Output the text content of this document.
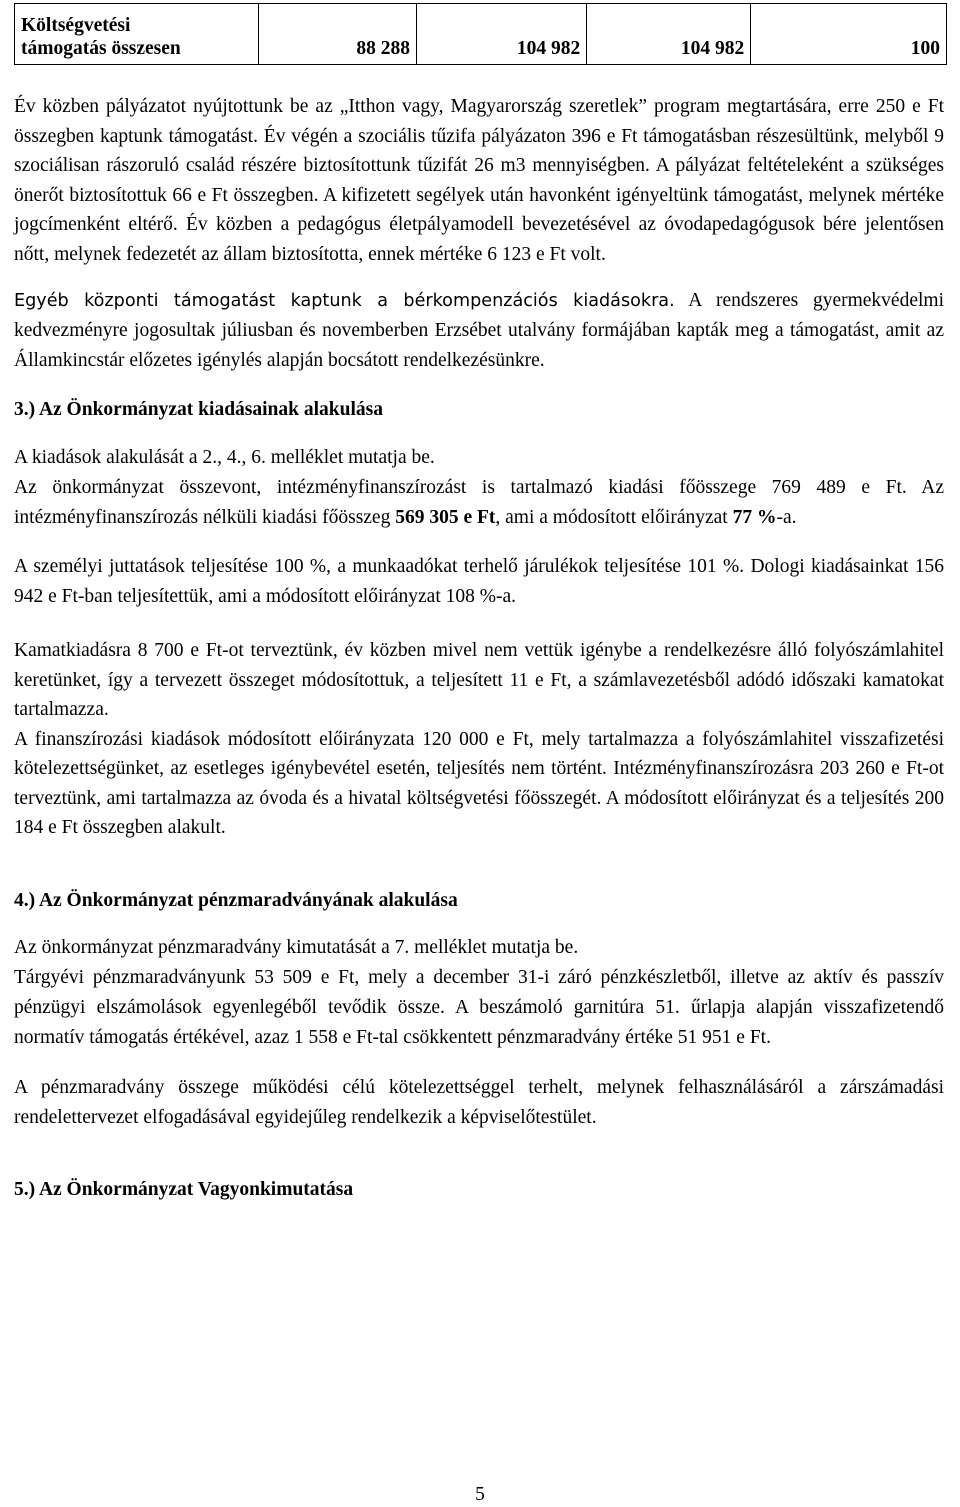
Költségvetési
támogatás összesen	88 288	104 982	104 982	100

Év közben pályázatot nyújtottunk be az „Itthon vagy, Magyarország szeretlek” program megtartására, erre 250 e Ft összegben kaptunk támogatást. Év végén a szociális tűzifa pályázaton 396 e Ft támogatásban részesültünk, melyből 9 szociálisan rászoruló család részére biztosítottunk tűzifát 26 m3 mennyiségben. A pályázat feltételeként a szükséges önerőt biztosítottuk 66 e Ft összegben. A kifizetett segélyek után havonként igényeltünk támogatást, melynek mértéke jogcímenként eltérő. Év közben a pedagógus életpályamodell bevezetésével az óvodapedagógusok bére jelentősen nőtt, melynek fedezetét az állam biztosította, ennek mértéke 6 123 e Ft volt.

Egyéb központi támogatást kaptunk a bérkompenzációs kiadásokra. A rendszeres gyermekvédelmi kedvezményre jogosultak júliusban és novemberben Erzsébet utalvány formájában kapták meg a támogatást, amit az Államkincstár előzetes igénylés alapján bocsátott rendelkezésünkre.

3.) Az Önkormányzat kiadásainak alakulása

A kiadások alakulását a 2., 4., 6. melléklet mutatja be.

Az önkormányzat összevont, intézményfinanszírozást is tartalmazó kiadási főösszege 769 489 e Ft. Az intézményfinanszírozás nélküli kiadási főösszeg 569 305 e Ft, ami a módosított előirányzat 77 %-a.

A személyi juttatások teljesítése 100 %, a munkaadókat terhelő járulékok teljesítése 101 %. Dologi kiadásainkat 156 942 e Ft-ban teljesítettük, ami a módosított előirányzat 108 %-a.

Kamatkiadásra 8 700 e Ft-ot terveztünk, év közben mivel nem vettük igénybe a rendelkezésre álló folyószámlahitel keretünket, így a tervezett összeget módosítottuk, a teljesített 11 e Ft, a számlavezetésből adódó időszaki kamatokat tartalmazza.

A finanszírozási kiadások módosított előirányzata 120 000 e Ft, mely tartalmazza a folyószámlahitel visszafizetési kötelezettségünket, az esetleges igénybevétel esetén, teljesítés nem történt. Intézményfinanszírozásra 203 260 e Ft-ot terveztünk, ami tartalmazza az óvoda és a hivatal költségvetési főösszegét. A módosított előirányzat és a teljesítés 200 184 e Ft összegben alakult.

4.) Az Önkormányzat pénzmaradványának alakulása

Az önkormányzat pénzmaradvány kimutatását a 7. melléklet mutatja be.

Tárgyévi pénzmaradványunk 53 509 e Ft, mely a december 31-i záró pénzkészletből, illetve az aktív és passzív pénzügyi elszámolások egyenlegéből tevődik össze. A beszámoló garnitúra 51. űrlapja alapján visszafizetendő normatív támogatás értékével, azaz 1 558 e Ft-tal csökkentett pénzmaradvány értéke 51 951 e Ft.

A pénzmaradvány összege működési célú kötelezettséggel terhelt, melynek felhasználásáról a zárszámadási rendelettervezet elfogadásával egyidejűleg rendelkezik a képviselőtestület.

5.) Az Önkormányzat Vagyonkimutatása
5
